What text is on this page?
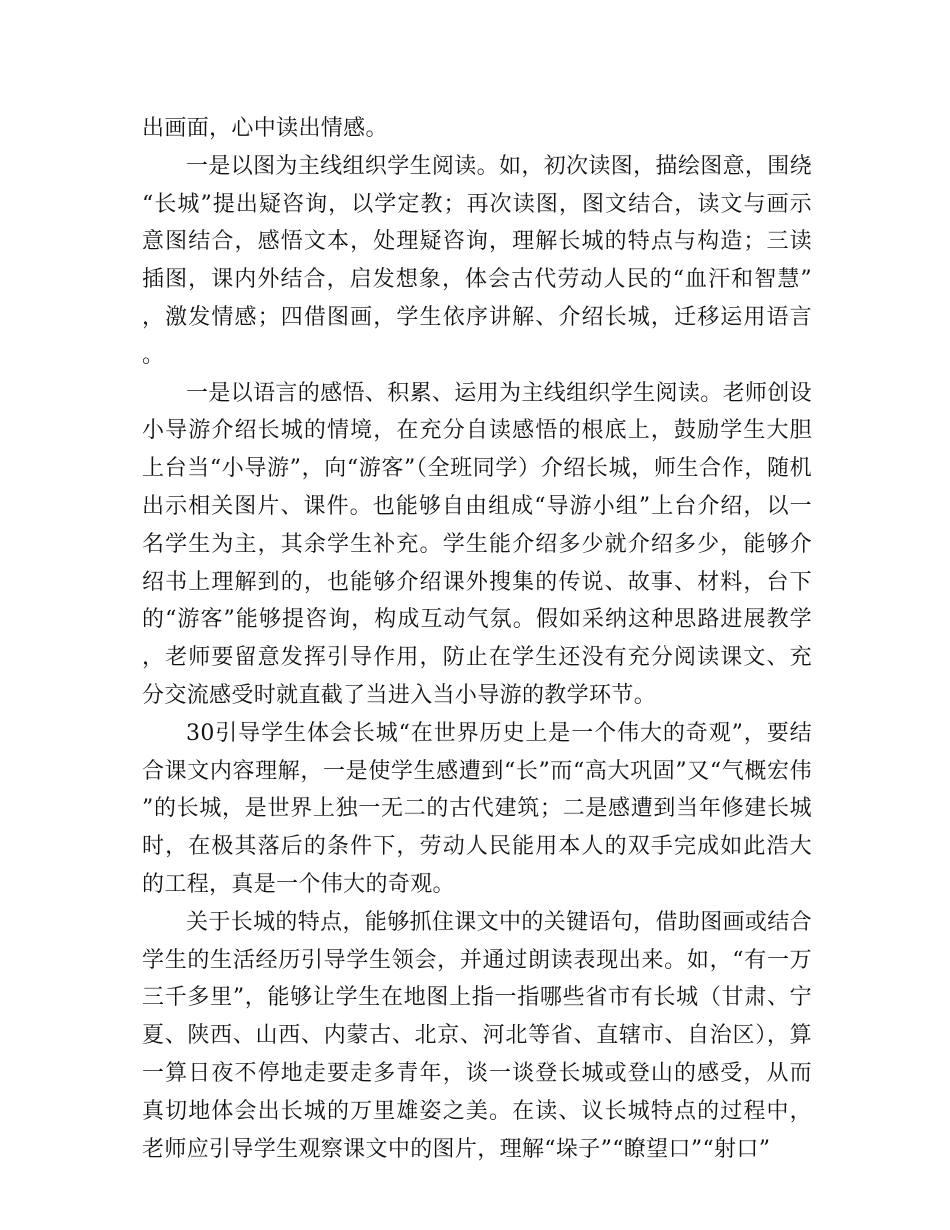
出画面，心中读出情感。

一是以图为主线组织学生阅读。如，初次读图，描绘图意，围绕“长城”提出疑咨询，以学定教；再次读图，图文结合，读文与画示意图结合，感悟文本，处理疑咨询，理解长城的特点与构造；三读插图，课内外结合，启发想象，体会古代劳动人民的“血汗和智慧”，激发情感；四借图画，学生依序讲解、介绍长城，迁移运用语言。

一是以语言的感悟、积累、运用为主线组织学生阅读。老师创设小导游介绍长城的情境，在充分自读感悟的根底上，鼓励学生大胆上台当“小导游”，向“游客”（全班同学）介绍长城，师生合作，随机出示相关图片、课件。也能够自由组成“导游小组”上台介绍，以一名学生为主，其余学生补充。学生能介绍多少就介绍多少，能够介绍书上理解到的，也能够介绍课外搜集的传说、故事、材料，台下的“游客”能够提咨询，构成互动气氛。假如采纳这种思路进展教学，老师要留意发挥引导作用，防止在学生还没有充分阅读课文、充分交流感受时就直截了当进入当小导游的教学环节。

30引导学生体会长城“在世界历史上是一个伟大的奇观”，要结合课文内容理解，一是使学生感遭到“长”而“高大巩固”又“气概宏伟”的长城，是世界上独一无二的古代建筑；二是感遭到当年修建长城时，在极其落后的条件下，劳动人民能用本人的双手完成如此浩大的工程，真是一个伟大的奇观。

关于长城的特点，能够抓住课文中的关键语句，借助图画或结合学生的生活经历引导学生领会，并通过朗读表现出来。如，“有一万三千多里”，能够让学生在地图上指一指哪些省市有长城（甘肃、宁夏、陕西、山西、内蒙古、北京、河北等省、直辖市、自治区），算一算日夜不停地走要走多青年，谈一谈登长城或登山的感受，从而真切地体会出长城的万里雄姿之美。在读、议长城特点的过程中，老师应引导学生观察课文中的图片，理解“垛子”“瞭望口”“射口”
